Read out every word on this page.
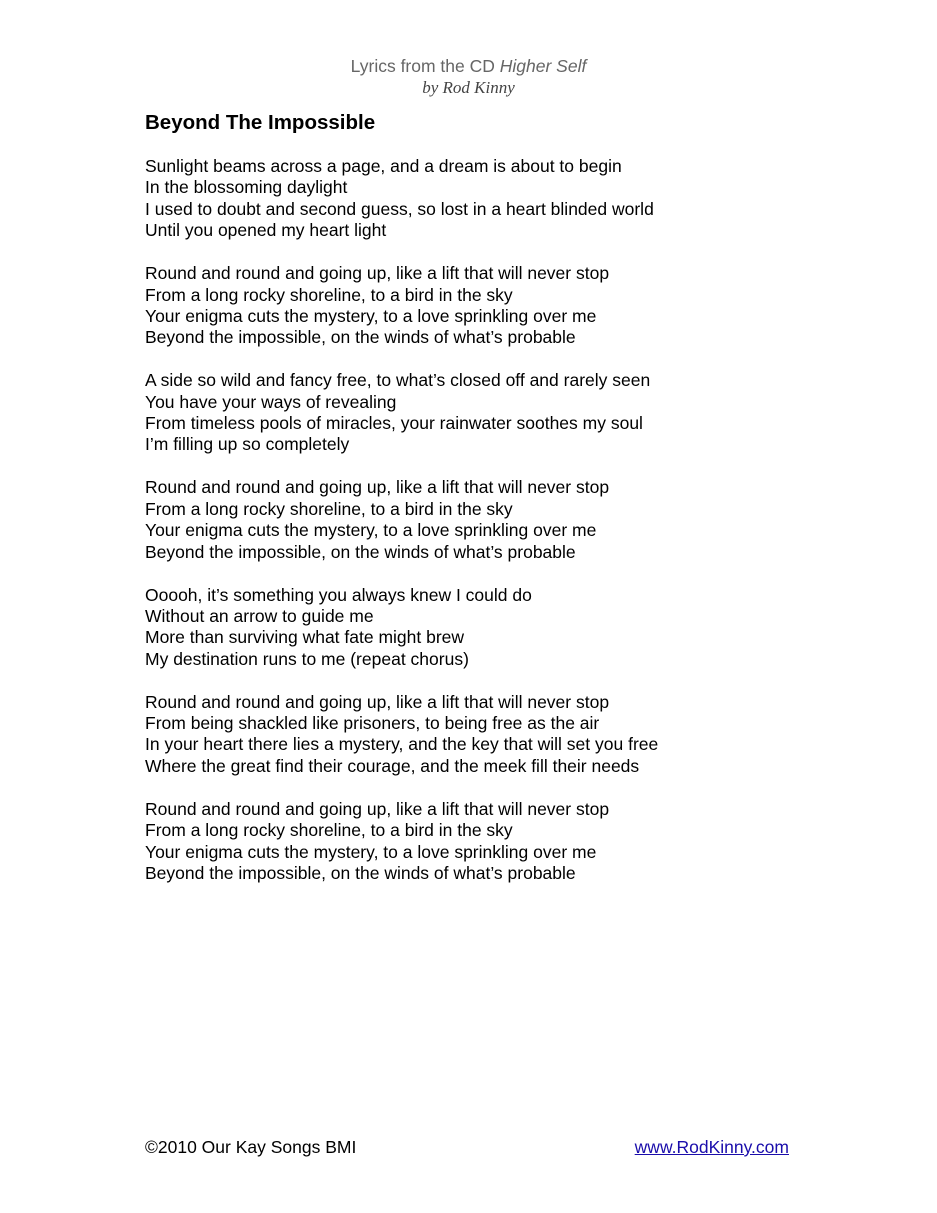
Lyrics from the CD Higher Self
by Rod Kinny
Beyond The Impossible
Sunlight beams across a page, and a dream is about to begin
In the blossoming daylight
I used to doubt and second guess, so lost in a heart blinded world
Until you opened my heart light
Round and round and going up, like a lift that will never stop
From a long rocky shoreline, to a bird in the sky
Your enigma cuts the mystery, to a love sprinkling over me
Beyond the impossible, on the winds of what’s probable
A side so wild and fancy free, to what’s closed off and rarely seen
You have your ways of revealing
From timeless pools of miracles, your rainwater soothes my soul
I’m filling up so completely
Round and round and going up, like a lift that will never stop
From a long rocky shoreline, to a bird in the sky
Your enigma cuts the mystery, to a love sprinkling over me
Beyond the impossible, on the winds of what’s probable
Ooooh, it’s something you always knew I could do
Without an arrow to guide me
More than surviving what fate might brew
My destination runs to me (repeat chorus)
Round and round and going up, like a lift that will never stop
From being shackled like prisoners, to being free as the air
In your heart there lies a mystery, and the key that will set you free
Where the great find their courage, and the meek fill their needs
Round and round and going up, like a lift that will never stop
From a long rocky shoreline, to a bird in the sky
Your enigma cuts the mystery, to a love sprinkling over me
Beyond the impossible, on the winds of what’s probable
©2010 Our Kay Songs BMI	www.RodKinny.com
